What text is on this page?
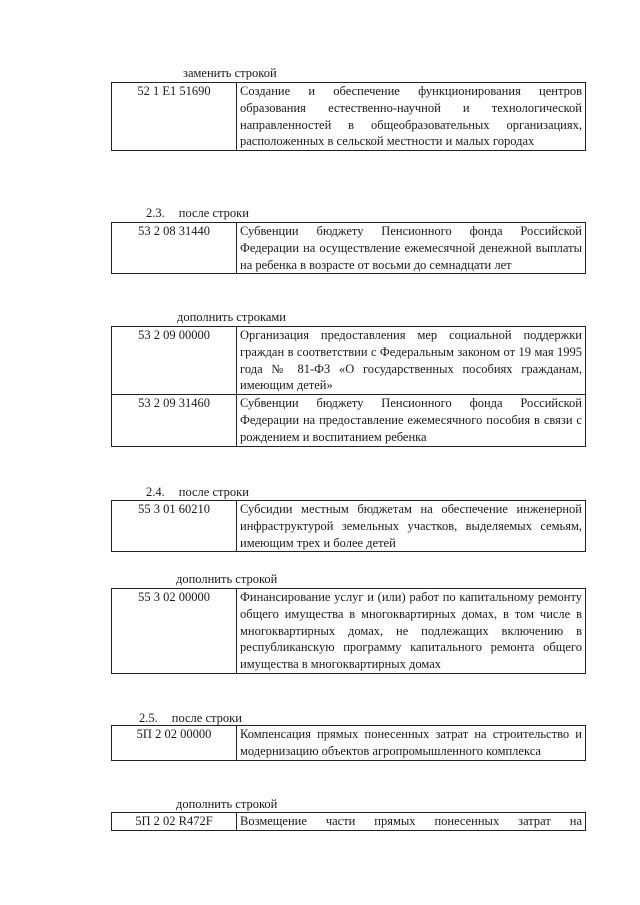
заменить строкой
52 1 E1 51690	Создание и обеспечение функционирования центров образования естественно-научной и технологической направленностей в общеобразовательных организациях, расположенных в сельской местности и малых городах
2.3. после строки
53 2 08 31440	Субвенции бюджету Пенсионного фонда Российской Федерации на осуществление ежемесячной денежной выплаты на ребенка в возрасте от восьми до семнадцати лет
дополнить строками
53 2 09 00000	Организация предоставления мер социальной поддержки граждан в соответствии с Федеральным законом от 19 мая 1995 года № 81-ФЗ «О государственных пособиях гражданам, имеющим детей»
53 2 09 31460	Субвенции бюджету Пенсионного фонда Российской Федерации на предоставление ежемесячного пособия в связи с рождением и воспитанием ребенка
2.4. после строки
55 3 01 60210	Субсидии местным бюджетам на обеспечение инженерной инфраструктурой земельных участков, выделяемых семьям, имеющим трех и более детей
дополнить строкой
55 3 02 00000	Финансирование услуг и (или) работ по капитальному ремонту общего имущества в многоквартирных домах, в том числе в многоквартирных домах, не подлежащих включению в республиканскую программу капитального ремонта общего имущества в многоквартирных домах
2.5. после строки
5П 2 02 00000	Компенсация прямых понесенных затрат на строительство и модернизацию объектов агропромышленного комплекса
дополнить строкой
5П 2 02 R472F	Возмещение части прямых понесенных затрат на
